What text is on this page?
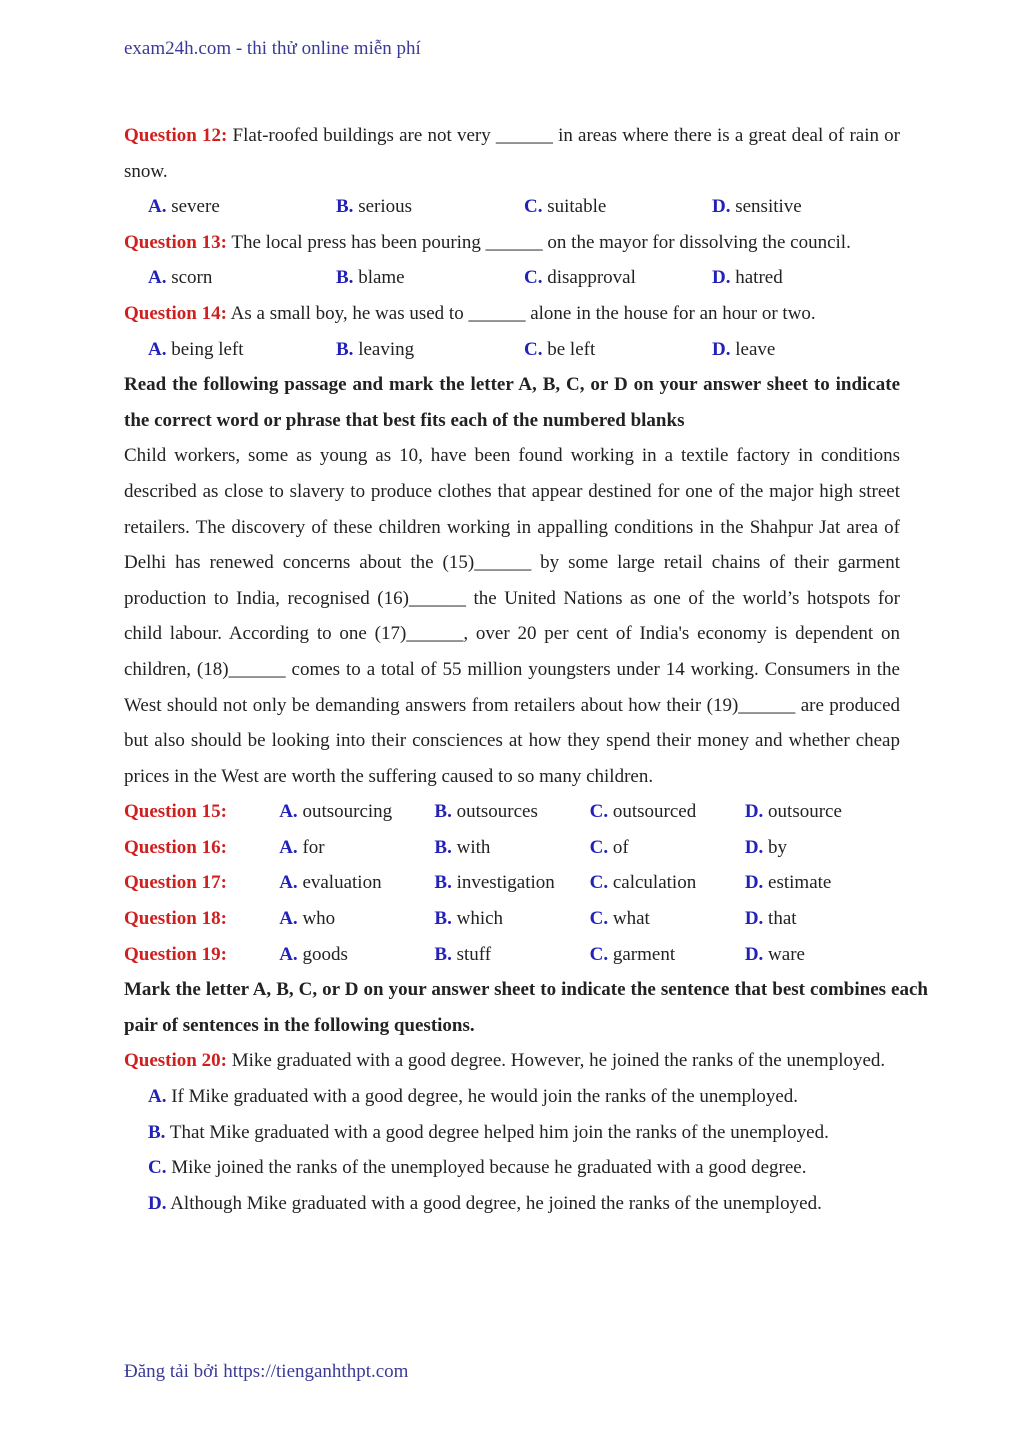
exam24h.com - thi thử online miễn phí
Question 12: Flat-roofed buildings are not very ______ in areas where there is a great deal of rain or snow.
A. severe	B. serious	C. suitable	D. sensitive
Question 13: The local press has been pouring ______ on the mayor for dissolving the council.
A. scorn	B. blame	C. disapproval	D. hatred
Question 14: As a small boy, he was used to ______ alone in the house for an hour or two.
A. being left	B. leaving	C. be left	D. leave
Read the following passage and mark the letter A, B, C, or D on your answer sheet to indicate the correct word or phrase that best fits each of the numbered blanks
Child workers, some as young as 10, have been found working in a textile factory in conditions described as close to slavery to produce clothes that appear destined for one of the major high street retailers. The discovery of these children working in appalling conditions in the Shahpur Jat area of Delhi has renewed concerns about the (15)______ by some large retail chains of their garment production to India, recognised (16)______ the United Nations as one of the world’s hotspots for child labour. According to one (17)______, over 20 per cent of India's economy is dependent on children, (18)______ comes to a total of 55 million youngsters under 14 working. Consumers in the West should not only be demanding answers from retailers about how their (19)______ are produced but also should be looking into their consciences at how they spend their money and whether cheap prices in the West are worth the suffering caused to so many children.
Question 15:	A. outsourcing	B. outsources	C. outsourced	D. outsource
Question 16:	A. for	B. with	C. of	D. by
Question 17:	A. evaluation	B. investigation	C. calculation	D. estimate
Question 18:	A. who	B. which	C. what	D. that
Question 19:	A. goods	B. stuff	C. garment	D. ware
Mark the letter A, B, C, or D on your answer sheet to indicate the sentence that best combines each pair of sentences in the following questions.
Question 20: Mike graduated with a good degree. However, he joined the ranks of the unemployed.
A. If Mike graduated with a good degree, he would join the ranks of the unemployed.
B. That Mike graduated with a good degree helped him join the ranks of the unemployed.
C. Mike joined the ranks of the unemployed because he graduated with a good degree.
D. Although Mike graduated with a good degree, he joined the ranks of the unemployed.
Đăng tải bởi https://tienganhthpt.com
